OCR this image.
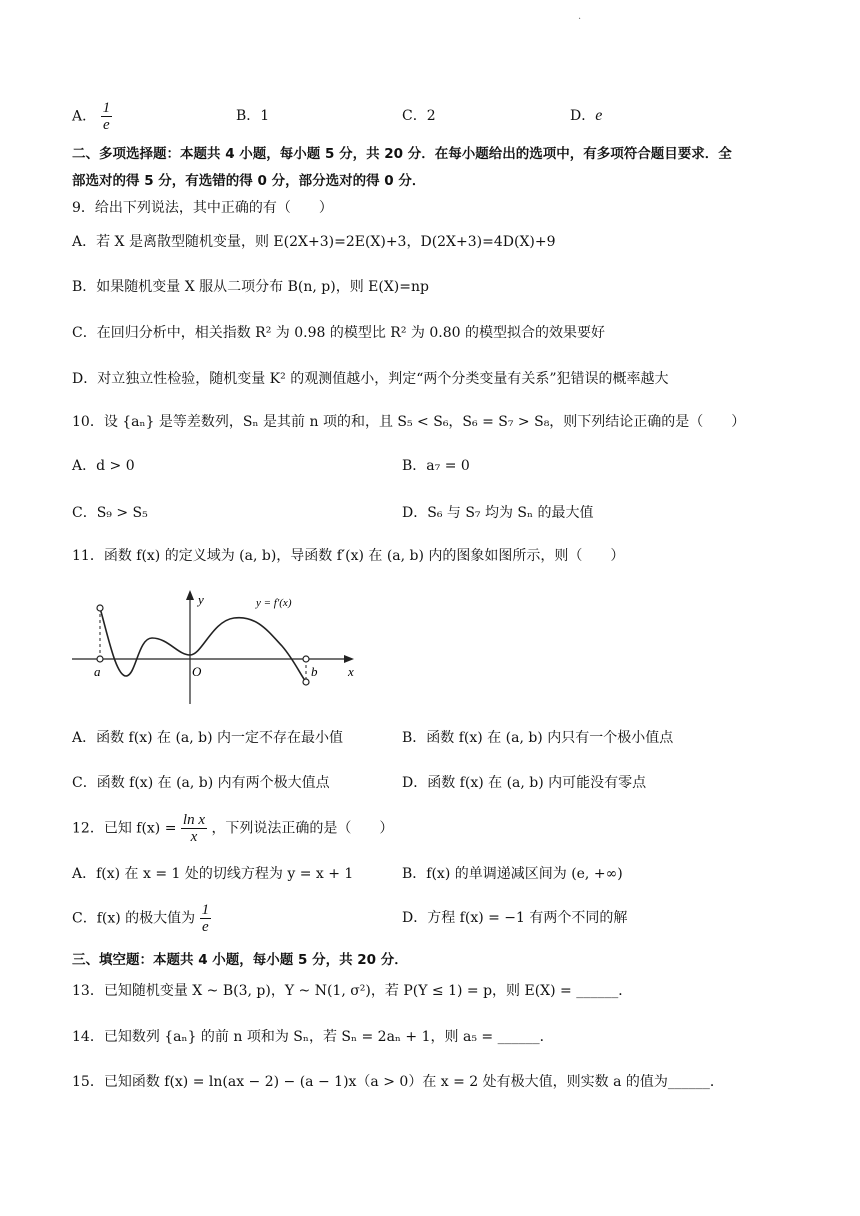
·
A． $\frac{1}{e}$	B．1	C．2	D．e
二、多项选择题：本题共 4 小题，每小题 5 分，共 20 分．在每小题给出的选项中，有多项符合题目要求．全
部选对的得 5 分，有选错的得 0 分，部分选对的得 0 分．
9．给出下列说法，其中正确的有（　　）
A．若 X 是离散型随机变量，则 E(2X+3)=2E(X)+3，D(2X+3)=4D(X)+9
B．如果随机变量 X 服从二项分布 B(n, p)，则 E(X)=np
C．在回归分析中，相关指数 R² 为 0.98 的模型比 R² 为 0.80 的模型拟合的效果要好
D．对立独立性检验，随机变量 K² 的观测值越小，判定“两个分类变量有关系”犯错误的概率越大
10．设 {aₙ} 是等差数列，Sₙ 是其前 n 项的和，且 S₅ < S₆，S₆ = S₇ > S₈，则下列结论正确的是（　　）
A．d > 0	B．a₇ = 0
C．S₉ > S₅	D．S₆ 与 S₇ 均为 Sₙ 的最大值
11．函数 f(x) 的定义域为 (a, b)，导函数 f′(x) 在 (a, b) 内的图象如图所示，则（　　）
y
x
O
a	b
y = f′(x)
A．函数 f(x) 在 (a, b) 内一定不存在最小值	B．函数 f(x) 在 (a, b) 内只有一个极小值点
C．函数 f(x) 在 (a, b) 内有两个极大值点	D．函数 f(x) 在 (a, b) 内可能没有零点
12．已知 $f(x) = \frac{\text{ln x}}{x}$ ，下列说法正确的是（　　）
A．f(x) 在 x = 1 处的切线方程为 y = x + 1	B．f(x) 的单调递减区间为 (e, +∞)
C．f(x) 的极大值为 $\frac{1}{e}$	D．方程 f(x) = −1 有两个不同的解
三、填空题：本题共 4 小题，每小题 5 分，共 20 分．
13．已知随机变量 X ~ B(3, p)，Y ~ N(1, σ²)，若 P(Y ≤ 1) = p，则 E(X) = ______．
14．已知数列 {aₙ} 的前 n 项和为 Sₙ，若 Sₙ = 2aₙ + 1，则 a₅ = ______．
15．已知函数 f(x) = ln(ax − 2) − (a − 1)x（a > 0）在 x = 2 处有极大值，则实数 a 的值为______．
